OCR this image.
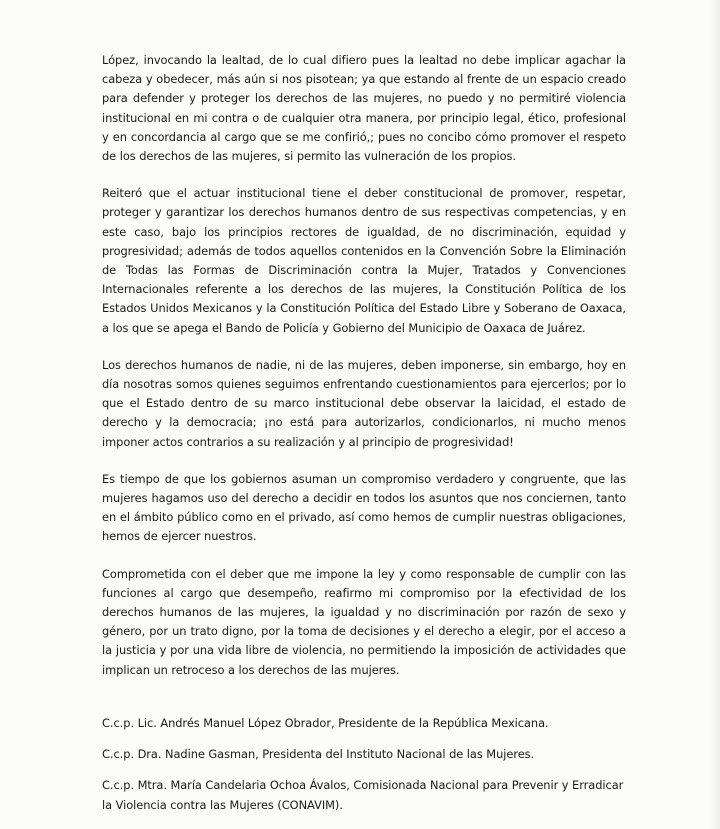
López, invocando la lealtad, de lo cual difiero pues la lealtad no debe implicar agachar la cabeza y obedecer, más aún si nos pisotean; ya que estando al frente de un espacio creado para defender y proteger los derechos de las mujeres, no puedo y no permitiré violencia institucional en mi contra o de cualquier otra manera, por principio legal, ético, profesional y en concordancia al cargo que se me confirió,; pues no concibo cómo promover el respeto de los derechos de las mujeres, si permito las vulneración de los propios.

Reiteró que el actuar institucional tiene el deber constitucional de promover, respetar, proteger y garantizar los derechos humanos dentro de sus respectivas competencias, y en este caso, bajo los principios rectores de igualdad, de no discriminación, equidad y progresividad; además de todos aquellos contenidos en la Convención Sobre la Eliminación de Todas las Formas de Discriminación contra la Mujer, Tratados y Convenciones Internacionales referente a los derechos de las mujeres, la Constitución Política de los Estados Unidos Mexicanos y la Constitución Política del Estado Libre y Soberano de Oaxaca, a los que se apega el Bando de Policía y Gobierno del Municipio de Oaxaca de Juárez.

Los derechos humanos de nadie, ni de las mujeres, deben imponerse, sin embargo, hoy en día nosotras somos quienes seguimos enfrentando cuestionamientos para ejercerlos; por lo que el Estado dentro de su marco institucional debe observar la laicidad, el estado de derecho y la democracia; ¡no está para autorizarlos, condicionarlos, ni mucho menos imponer actos contrarios a su realización y al principio de progresividad!

Es tiempo de que los gobiernos asuman un compromiso verdadero y congruente, que las mujeres hagamos uso del derecho a decidir en todos los asuntos que nos conciernen, tanto en el ámbito público como en el privado, así como hemos de cumplir nuestras obligaciones, hemos de ejercer nuestros.

Comprometida con el deber que me impone la ley y como responsable de cumplir con las funciones al cargo que desempeño, reafirmo mi compromiso por la efectividad de los derechos humanos de las mujeres, la igualdad y no discriminación por razón de sexo y género, por un trato digno, por la toma de decisiones y el derecho a elegir, por el acceso a la justicia y por una vida libre de violencia, no permitiendo la imposición de actividades que implican un retroceso a los derechos de las mujeres.

C.c.p. Lic. Andrés Manuel López Obrador, Presidente de la República Mexicana.

C.c.p. Dra. Nadine Gasman, Presidenta del Instituto Nacional de las Mujeres.

C.c.p. Mtra. María Candelaria Ochoa Ávalos, Comisionada Nacional para Prevenir y Erradicar la Violencia contra las Mujeres (CONAVIM).
